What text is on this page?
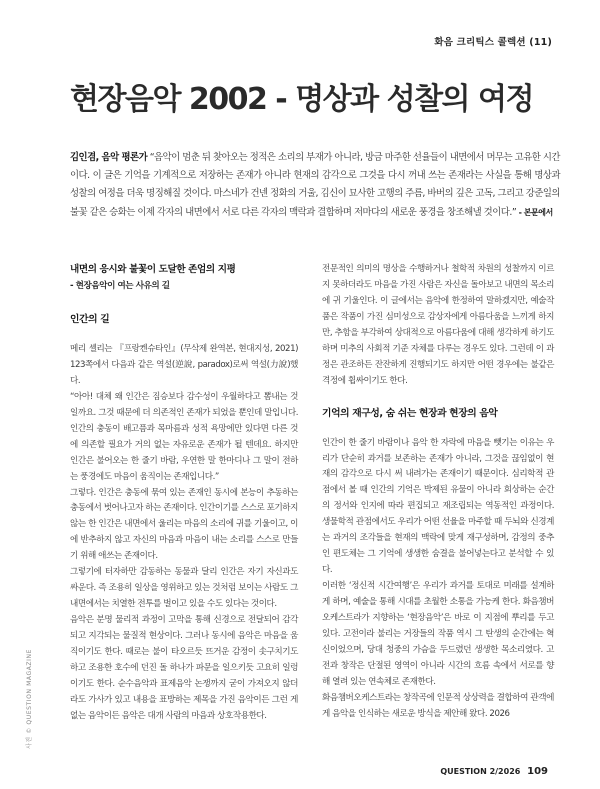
화음 크리틱스 콜렉션 (11)
현장음악 2002 - 명상과 성찰의 여정
김인겸, 음악 평론가 “음악이 멈춘 뒤 찾아오는 정적은 소리의 부재가 아니라, 방금 마주한 선율들이 내면에서 머무는 고유한 시간이다. 이 글은 기억을 기계적으로 저장하는 존재가 아니라 현재의 감각으로 그것을 다시 꺼내 쓰는 존재라는 사실을 통해 명상과 성찰의 여정을 더욱 명징해질 것이다. 마스네가 건넨 정화의 거울, 김신이 묘사한 고행의 주름, 바버의 깊은 고독, 그리고 강준일의 불꽃 같은 승화는 이제 각자의 내면에서 서로 다른 각자의 맥락과 결합하며 저마다의 새로운 풍경을 창조해낼 것이다.” - 본문에서
내면의 응시와 불꽃이 도달한 존엄의 지평
- 현장음악이 여는 사유의 길
인간의 길

메리 셸리는 『프랑켄슈타인』(무삭제 완역본, 현대지성, 2021) 123쪽에서 다음과 같은 역설(逆說, paradox)로써 역설(力說)했다.

“아아! 대체 왜 인간은 짐승보다 감수성이 우월하다고 뽐내는 것일까요. 그것 때문에 더 의존적인 존재가 되었을 뿐인데 말입니다. 인간의 충동이 배고픔과 목마름과 성적 욕망에만 있다면 다른 것에 의존할 필요가 거의 없는 자유로운 존재가 될 텐데요. 하지만 인간은 불어오는 한 줄기 바람, 우연한 말 한마디나 그 말이 전하는 풍경에도 마음이 움직이는 존재입니다.”

그렇다. 인간은 충동에 묶여 있는 존재인 동시에 본능이 추동하는 충동에서 벗어나고자 하는 존재이다. 인간이기를 스스로 포기하지 않는 한 인간은 내면에서 울리는 마음의 소리에 귀를 기울이고, 이에 반추하지 않고 자신의 마음과 마음이 내는 소리를 스스로 만들기 위해 애쓰는 존재이다.

그렇기에 터자하만 감동하는 동물과 달리 인간은 자기 자신과도 싸운다. 즉 조용히 일상을 영위하고 있는 것처럼 보이는 사람도 그 내면에서는 치열한 전투를 벌이고 있을 수도 있다는 것이다.

음악은 분명 물리적 과정이 고막을 통해 신경으로 전달되어 감각되고 지각되는 물질적 현상이다. 그러나 동시에 음악은 마음을 움직이기도 한다. 때로는 불이 타오르듯 뜨거운 감정이 솟구치기도 하고 조용한 호수에 던진 돌 하나가 파문을 일으키듯 고요히 일렁이기도 한다. 순수음악과 표제음악 논쟁까지 굳이 가져오지 않더라도 가사가 있고 내용을 표방하는 제목을 가진 음악이든 그런 게 없는 음악이든 음악은 대개 사람의 마음과 상호작용한다.

전문적인 의미의 명상을 수행하거나 철학적 차원의 성찰까지 이르지 못하더라도 마음을 가진 사람은 자신을 돌아보고 내면의 목소리에 귀 기울인다. 이 글에서는 음악에 한정하여 말하겠지만, 예술작품은 작품이 가진 심미성으로 감상자에게 아름다움을 느끼게 하지만, 추함을 부각하여 상대적으로 아름다움에 대해 생각하게 하기도 하며 미추의 사회적 기준 자체를 다루는 경우도 있다. 그런데 이 과정은 관조하든 잔잔하게 진행되기도 하지만 어떤 경우에는 불같은 격정에 휩싸이기도 한다.

기억의 재구성, 숨 쉬는 현장과 현장의 음악

인간이 한 줄기 바람이나 음악 한 자락에 마음을 뺏기는 이유는 우리가 단순히 과거를 보존하는 존재가 아니라, 그것을 끊임없이 현재의 감각으로 다시 써 내려가는 존재이기 때문이다. 심리학적 관점에서 볼 때 인간의 기억은 박제된 유물이 아니라 회상하는 순간의 정서와 인지에 따라 편집되고 재조립되는 역동적인 과정이다. 생물학적 관점에서도 우리가 어떤 선율을 마주할 때 두뇌와 신경계는 과거의 조각들을 현재의 맥락에 맞게 재구성하며, 감정의 중추인 편도체는 그 기억에 생생한 숨결을 불어넣는다고 분석할 수 있다.

이러한 ‘정신적 시간여행’은 우리가 과거를 토대로 미래를 설계하게 하며, 예술을 통해 시대를 초월한 소통을 가능케 한다. 화음챔버오케스트라가 지향하는 ‘현장음악’은 바로 이 지점에 뿌리를 두고 있다. 고전이라 불리는 거장들의 작품 역시 그 탄생의 순간에는 혁신이었으며, 당대 청중의 가슴을 두드렸던 생생한 목소리였다. 고전과 창작은 단절된 영역이 아니라 시간의 흐름 속에서 서로를 향해 열려 있는 연속체로 존재한다.

화음챔버오케스트라는 창작곡에 인문적 상상력을 결합하여 관객에게 음악을 인식하는 새로운 방식을 제안해 왔다. 2026

QUESTION 2/2026 109
사진 © QUESTION MAGAZINE
